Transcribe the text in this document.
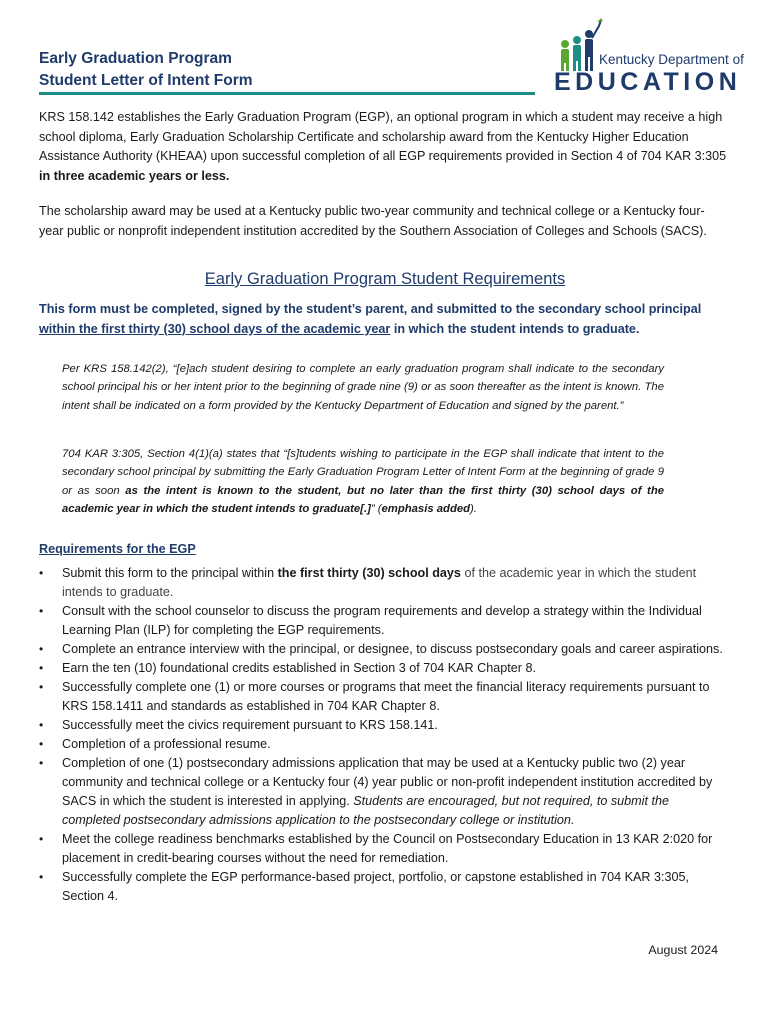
Early Graduation Program
Student Letter of Intent Form
Kentucky Department of
EDUCATION
KRS 158.142 establishes the Early Graduation Program (EGP), an optional program in which a student may receive a high school diploma, Early Graduation Scholarship Certificate and scholarship award from the Kentucky Higher Education Assistance Authority (KHEAA) upon successful completion of all EGP requirements provided in Section 4 of 704 KAR 3:305 in three academic years or less.
The scholarship award may be used at a Kentucky public two-year community and technical college or a Kentucky four-year public or nonprofit independent institution accredited by the Southern Association of Colleges and Schools (SACS).
Early Graduation Program Student Requirements
This form must be completed, signed by the student’s parent, and submitted to the secondary school principal within the first thirty (30) school days of the academic year in which the student intends to graduate.
Per KRS 158.142(2), “[e]ach student desiring to complete an early graduation program shall indicate to the secondary school principal his or her intent prior to the beginning of grade nine (9) or as soon thereafter as the intent is known. The intent shall be indicated on a form provided by the Kentucky Department of Education and signed by the parent.”
704 KAR 3:305, Section 4(1)(a) states that “[s]tudents wishing to participate in the EGP shall indicate that intent to the secondary school principal by submitting the Early Graduation Program Letter of Intent Form at the beginning of grade 9 or as soon as the intent is known to the student, but no later than the first thirty (30) school days of the academic year in which the student intends to graduate[.]” (emphasis added).
Requirements for the EGP
• Submit this form to the principal within the first thirty (30) school days of the academic year in which the student intends to graduate.
• Consult with the school counselor to discuss the program requirements and develop a strategy within the Individual Learning Plan (ILP) for completing the EGP requirements.
• Complete an entrance interview with the principal, or designee, to discuss postsecondary goals and career aspirations.
• Earn the ten (10) foundational credits established in Section 3 of 704 KAR Chapter 8.
• Successfully complete one (1) or more courses or programs that meet the financial literacy requirements pursuant to KRS 158.1411 and standards as established in 704 KAR Chapter 8.
• Successfully meet the civics requirement pursuant to KRS 158.141.
• Completion of a professional resume.
• Completion of one (1) postsecondary admissions application that may be used at a Kentucky public two (2) year community and technical college or a Kentucky four (4) year public or non-profit independent institution accredited by SACS in which the student is interested in applying. Students are encouraged, but not required, to submit the completed postsecondary admissions application to the postsecondary college or institution.
• Meet the college readiness benchmarks established by the Council on Postsecondary Education in 13 KAR 2:020 for placement in credit-bearing courses without the need for remediation.
• Successfully complete the EGP performance-based project, portfolio, or capstone established in 704 KAR 3:305, Section 4.
August 2024
